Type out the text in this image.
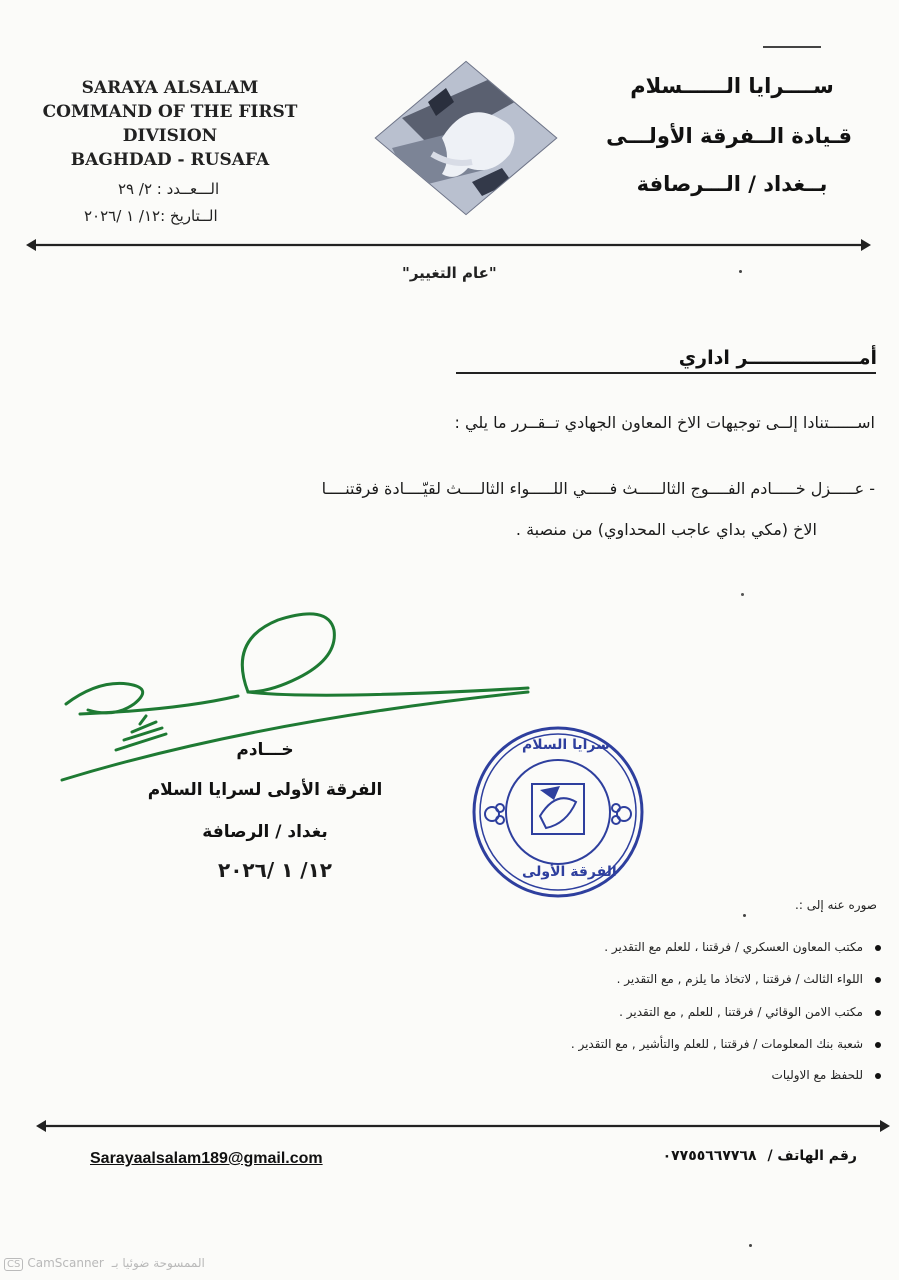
SARAYA ALSALAM
COMMAND OF THE FIRST
DIVISION
BAGHDAD - RUSAFA
الـــعــدد : ٢/ ٢٩
الــتاريخ :١٢/ ١ /٢٠٢٦
ســــرايا الــــــسلام
قـيادة الــفرقة الأولـــى
بــغداد / الـــرصافة
"عام التغيير"
أمـــــــــــــــــر اداري
اســــــتنادا إلــى توجيهات الاخ المعاون الجهادي تــقــرر ما يلي :
- عـــــزل خـــــادم الفــــوج الثالـــــث فـــــي اللـــــواء الثالــــث لقيّــــادة فرقتنــــا
الاخ (مكي بداي عاجب المحداوي) من منصبة .
خـــادم
الفرقة الأولى لسرايا السلام
بغداد / الرصافة
١٢/ ١ /٢٠٢٦
سرايا السلام
الفرقة الأولى
صوره عنه إلى :.
مكتب المعاون العسكري / فرقتنا ، للعلم مع التقدير .
اللواء الثالث / فرقتنا , لاتخاذ ما يلزم , مع التقدير .
مكتب الامن الوقائي / فرقتنا , للعلم , مع التقدير .
شعبة بنك المعلومات / فرقتنا , للعلم والتأشير , مع التقدير .
للحفظ مع الاوليات
رقم الهاتف / ٠٧٧٥٥٦٦٧٧٦٨
Sarayaalsalam189@gmail.com
CS CamScanner الممسوحة ضوئيا بـ
